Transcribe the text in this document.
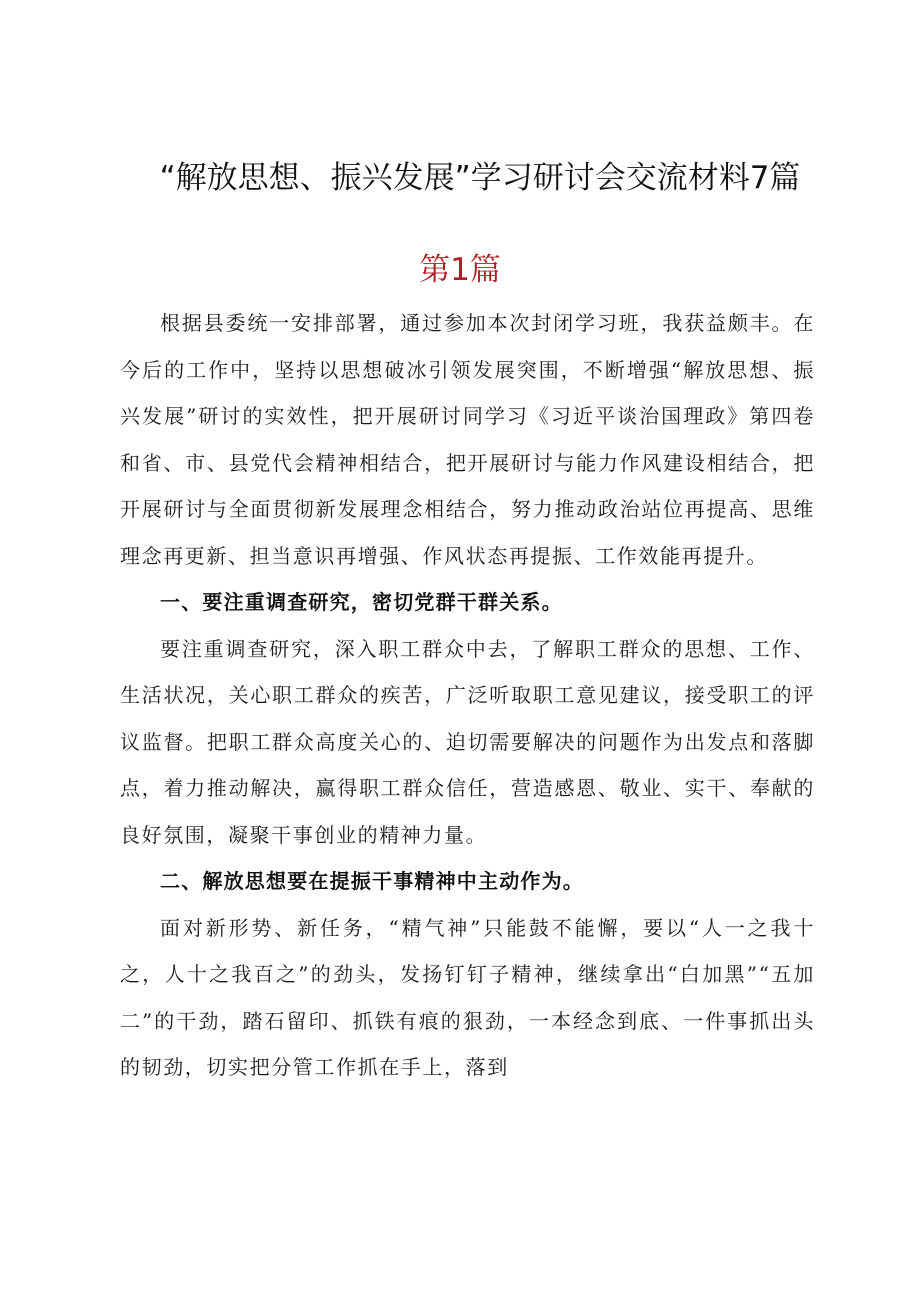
“解放思想、振兴发展”学习研讨会交流材料7篇
第1篇

根据县委统一安排部署，通过参加本次封闭学习班，我获益颇丰。在今后的工作中，坚持以思想破冰引领发展突围，不断增强“解放思想、振兴发展”研讨的实效性，把开展研讨同学习《习近平谈治国理政》第四卷和省、市、县党代会精神相结合，把开展研讨与能力作风建设相结合，把开展研讨与全面贯彻新发展理念相结合，努力推动政治站位再提高、思维理念再更新、担当意识再增强、作风状态再提振、工作效能再提升。

一、要注重调查研究，密切党群干群关系。

要注重调查研究，深入职工群众中去，了解职工群众的思想、工作、生活状况，关心职工群众的疾苦，广泛听取职工意见建议，接受职工的评议监督。把职工群众高度关心的、迫切需要解决的问题作为出发点和落脚点，着力推动解决，赢得职工群众信任，营造感恩、敬业、实干、奉献的良好氛围，凝聚干事创业的精神力量。

二、解放思想要在提振干事精神中主动作为。

面对新形势、新任务，“精气神”只能鼓不能懈，要以“人一之我十之，人十之我百之”的劲头，发扬钉钉子精神，继续拿出“白加黑”“五加二”的干劲，踏石留印、抓铁有痕的狠劲，一本经念到底、一件事抓出头的韧劲，切实把分管工作抓在手上，落到
